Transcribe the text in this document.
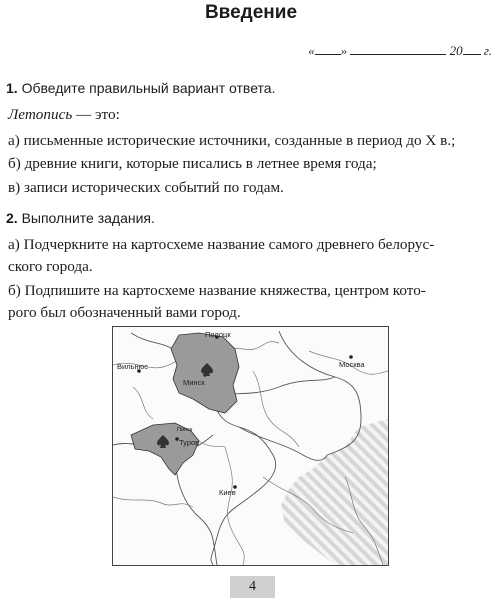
Введение
« »	20 г.
1. Обведите правильный вариант ответа.
Летопись — это:
а) письменные исторические источники, созданные в период до X в.;
б) древние книги, которые писались в летнее время года;
в) записи исторических событий по годам.
2. Выполните задания.
а) Подчеркните на картосхеме название самого древнего белорус-
ского города.
б) Подпишите на картосхеме название княжества, центром кото-
рого был обозначенный вами город.
Полоцк
Москва
Вильнюс
Минск
Пинск
Туров
Киев
4
